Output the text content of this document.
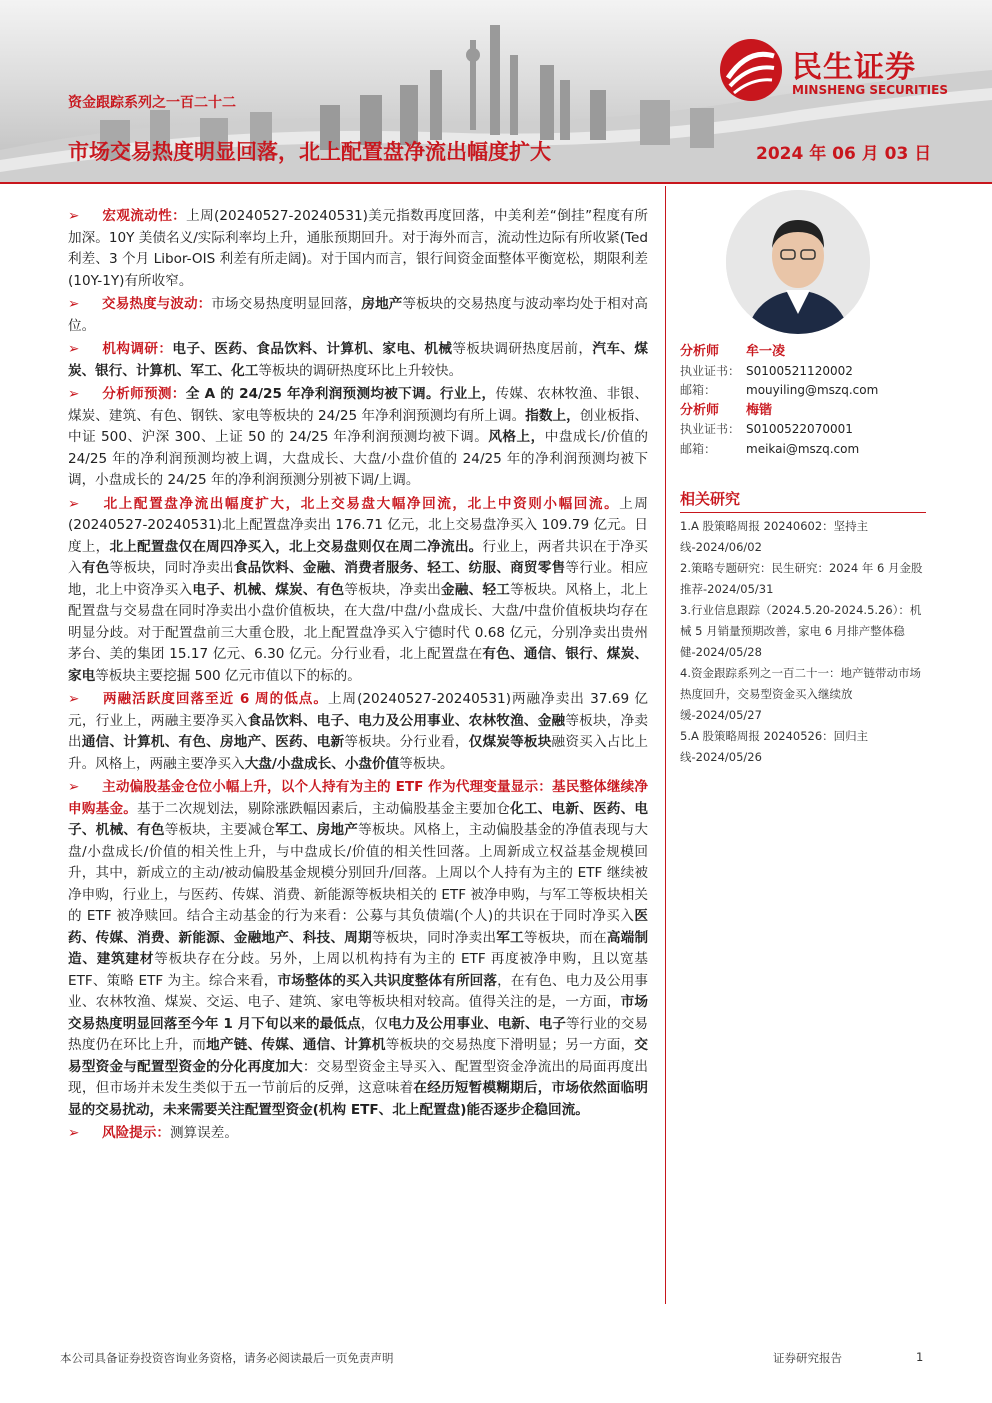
民生证券
MINSHENG SECURITIES
资金跟踪系列之一百二十二
市场交易热度明显回落，北上配置盘净流出幅度扩大	2024 年 06 月 03 日

➢ 宏观流动性：上周(20240527-20240531)美元指数再度回落，中美利差“倒挂”程度有所加深。10Y 美债名义/实际利率均上升，通胀预期回升。对于海外而言，流动性边际有所收紧(Ted 利差、3 个月 Libor-OIS 利差有所走阔)。对于国内而言，银行间资金面整体平衡宽松，期限利差(10Y-1Y)有所收窄。

➢ 交易热度与波动：市场交易热度明显回落，房地产等板块的交易热度与波动率均处于相对高位。

➢ 机构调研：电子、医药、食品饮料、计算机、家电、机械等板块调研热度居前，汽车、煤炭、银行、计算机、军工、化工等板块的调研热度环比上升较快。

➢ 分析师预测：全 A 的 24/25 年净利润预测均被下调。行业上，传媒、农林牧渔、非银、煤炭、建筑、有色、钢铁、家电等板块的 24/25 年净利润预测均有所上调。指数上，创业板指、中证 500、沪深 300、上证 50 的 24/25 年净利润预测均被下调。风格上，中盘成长/价值的 24/25 年的净利润预测均被上调，大盘成长、大盘/小盘价值的 24/25 年的净利润预测均被下调，小盘成长的 24/25 年的净利润预测分别被下调/上调。

➢ 北上配置盘净流出幅度扩大，北上交易盘大幅净回流，北上中资则小幅回流。上周(20240527-20240531)北上配置盘净卖出 176.71 亿元，北上交易盘净买入 109.79 亿元。日度上，北上配置盘仅在周四净买入，北上交易盘则仅在周二净流出。行业上，两者共识在于净买入有色等板块，同时净卖出食品饮料、金融、消费者服务、轻工、纺服、商贸零售等行业。相应地，北上中资净买入电子、机械、煤炭、有色等板块，净卖出金融、轻工等板块。风格上，北上配置盘与交易盘在同时净卖出小盘价值板块，在大盘/中盘/小盘成长、大盘/中盘价值板块均存在明显分歧。对于配置盘前三大重仓股，北上配置盘净买入宁德时代 0.68 亿元，分别净卖出贵州茅台、美的集团 15.17 亿元、6.30 亿元。分行业看，北上配置盘在有色、通信、银行、煤炭、家电等板块主要挖掘 500 亿元市值以下的标的。

➢ 两融活跃度回落至近 6 周的低点。上周(20240527-20240531)两融净卖出 37.69 亿元，行业上，两融主要净买入食品饮料、电子、电力及公用事业、农林牧渔、金融等板块，净卖出通信、计算机、有色、房地产、医药、电新等板块。分行业看，仅煤炭等板块融资买入占比上升。风格上，两融主要净买入大盘/小盘成长、小盘价值等板块。

➢ 主动偏股基金仓位小幅上升，以个人持有为主的 ETF 作为代理变量显示：基民整体继续净申购基金。基于二次规划法，剔除涨跌幅因素后，主动偏股基金主要加仓化工、电新、医药、电子、机械、有色等板块，主要减仓军工、房地产等板块。风格上，主动偏股基金的净值表现与大盘/小盘成长/价值的相关性上升，与中盘成长/价值的相关性回落。上周新成立权益基金规模回升，其中，新成立的主动/被动偏股基金规模分别回升/回落。上周以个人持有为主的 ETF 继续被净申购，行业上，与医药、传媒、消费、新能源等板块相关的 ETF 被净申购，与军工等板块相关的 ETF 被净赎回。结合主动基金的行为来看：公募与其负债端(个人)的共识在于同时净买入医药、传媒、消费、新能源、金融地产、科技、周期等板块，同时净卖出军工等板块，而在高端制造、建筑建材等板块存在分歧。另外，上周以机构持有为主的 ETF 再度被净申购，且以宽基 ETF、策略 ETF 为主。综合来看，市场整体的买入共识度整体有所回落，在有色、电力及公用事业、农林牧渔、煤炭、交运、电子、建筑、家电等板块相对较高。值得关注的是，一方面，市场交易热度明显回落至今年 1 月下旬以来的最低点，仅电力及公用事业、电新、电子等行业的交易热度仍在环比上升，而地产链、传媒、通信、计算机等板块的交易热度下滑明显；另一方面，交易型资金与配置型资金的分化再度加大：交易型资金主导买入、配置型资金净流出的局面再度出现，但市场并未发生类似于五一节前后的反弹，这意味着在经历短暂模糊期后，市场依然面临明显的交易扰动，未来需要关注配置型资金(机构 ETF、北上配置盘)能否逐步企稳回流。

➢ 风险提示：测算误差。

分析师	牟一凌
执业证书： S0100521120002
邮箱：	mouyiling@mszq.com
分析师	梅锴
执业证书： S0100522070001
邮箱：	meikai@mszq.com
相关研究

1.A 股策略周报 20240602：坚持主线-2024/06/02

2.策略专题研究：民生研究：2024 年 6 月金股推荐-2024/05/31

3.行业信息跟踪（2024.5.20-2024.5.26）：机械 5 月销量预期改善，家电 6 月排产整体稳健-2024/05/28

4.资金跟踪系列之一百二十一：地产链带动市场热度回升，交易型资金买入继续放缓-2024/05/27

5.A 股策略周报 20240526：回归主线-2024/05/26

本公司具备证券投资咨询业务资格，请务必阅读最后一页免责声明	证券研究报告	1
